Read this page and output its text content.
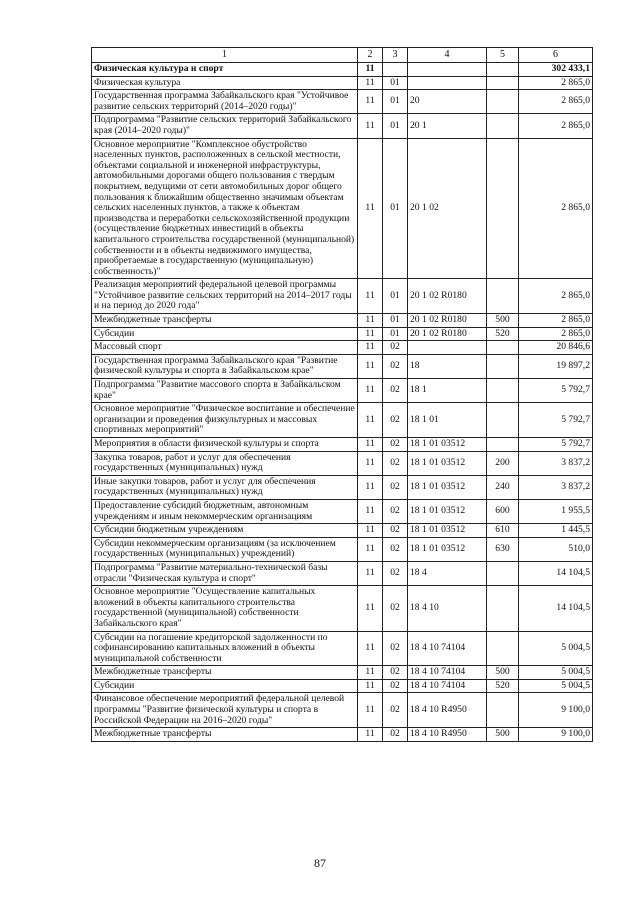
1	2	3	4	5	6
Физическая культура и спорт	11				302 433,1
Физическая культура	11	01			2 865,0
Государственная программа Забайкальского края "Устойчивое развитие сельских территорий (2014–2020 годы)"	11	01	20		2 865,0
Подпрограмма "Развитие сельских территорий Забайкальского края (2014–2020 годы)"	11	01	20 1		2 865,0
Основное мероприятие "Комплексное обустройство населенных пунктов, расположенных в сельской местности, объектами социальной и инженерной инфраструктуры, автомобильными дорогами общего пользования с твердым покрытием, ведущими от сети автомобильных дорог общего пользования к ближайшим общественно значимым объектам сельских населенных пунктов, а также к объектам производства и переработки сельскохозяйственной продукции (осуществление бюджетных инвестиций в объекты капитального строительства государственной (муниципальной) собственности и в объекты недвижимого имущества, приобретаемые в государственную (муниципальную) собственность)"	11	01	20 1 02		2 865,0
Реализация мероприятий федеральной целевой программы "Устойчивое развитие сельских территорий на 2014–2017 годы и на период до 2020 года"	11	01	20 1 02 R0180		2 865,0
Межбюджетные трансферты	11	01	20 1 02 R0180	500	2 865,0
Субсидии	11	01	20 1 02 R0180	520	2 865,0
Массовый спорт	11	02			20 846,6
Государственная программа Забайкальского края "Развитие физической культуры и спорта в Забайкальском крае"	11	02	18		19 897,2
Подпрограмма "Развитие массового спорта в Забайкальском крае"	11	02	18 1		5 792,7
Основное мероприятие "Физическое воспитание и обеспечение организации и проведения физкультурных и массовых спортивных мероприятий"	11	02	18 1 01		5 792,7
Мероприятия в области физической культуры и спорта	11	02	18 1 01 03512		5 792,7
Закупка товаров, работ и услуг для обеспечения государственных (муниципальных) нужд	11	02	18 1 01 03512	200	3 837,2
Иные закупки товаров, работ и услуг для обеспечения государственных (муниципальных) нужд	11	02	18 1 01 03512	240	3 837,2
Предоставление субсидий бюджетным, автономным учреждениям и иным некоммерческим организациям	11	02	18 1 01 03512	600	1 955,5
Субсидии бюджетным учреждениям	11	02	18 1 01 03512	610	1 445,5
Субсидии некоммерческим организациям (за исключением государственных (муниципальных) учреждений)	11	02	18 1 01 03512	630	510,0
Подпрограмма "Развитие материально-технической базы отрасли "Физическая культура и спорт"	11	02	18 4		14 104,5
Основное мероприятие "Осуществление капитальных вложений в объекты капитального строительства государственной (муниципальной) собственности Забайкальского края"	11	02	18 4 10		14 104,5
Субсидии на погашение кредиторской задолженности по софинансированию капитальных вложений в объекты муниципальной собственности	11	02	18 4 10 74104		5 004,5
Межбюджетные трансферты	11	02	18 4 10 74104	500	5 004,5
Субсидии	11	02	18 4 10 74104	520	5 004,5
Финансовое обеспечение мероприятий федеральной целевой программы "Развитие физической культуры и спорта в Российской Федерации на 2016–2020 годы"	11	02	18 4 10 R4950		9 100,0
Межбюджетные трансферты	11	02	18 4 10 R4950	500	9 100,0
87
